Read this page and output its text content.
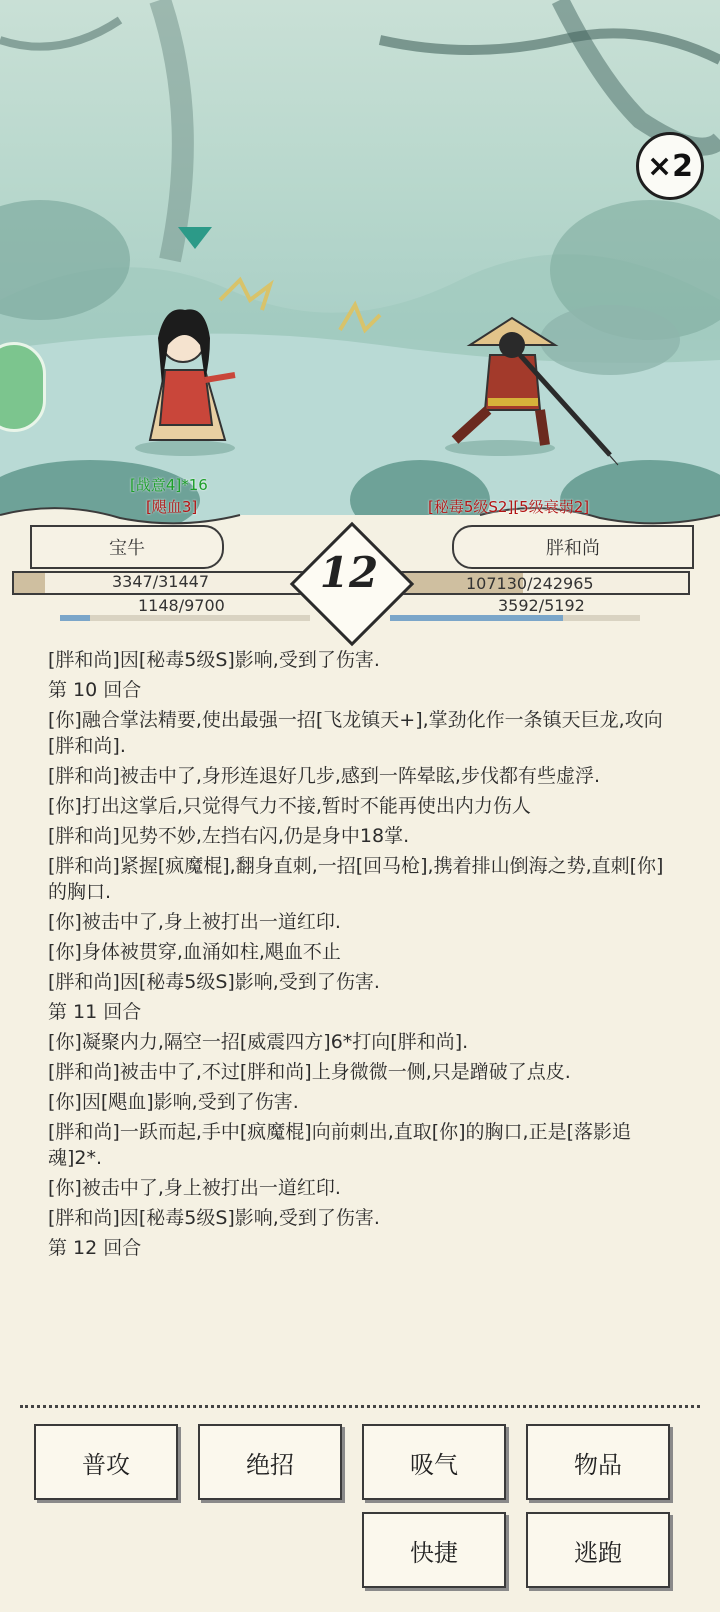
×2
[战意4]*16
[飓血3]	[秘毒5级S2][5级衰弱2]
宝牛	胖和尚
3347/31447	107130/242965
1148/9700	3592/5192
12
[胖和尚]因[秘毒5级S]影响,受到了伤害.
第 10 回合
[你]融合掌法精要,使出最强一招[飞龙镇天+],掌劲化作一条镇天巨龙,攻向[胖和尚].
[胖和尚]被击中了,身形连退好几步,感到一阵晕眩,步伐都有些虚浮.
[你]打出这掌后,只觉得气力不接,暂时不能再使出内力伤人
[胖和尚]见势不妙,左挡右闪,仍是身中18掌.
[胖和尚]紧握[疯魔棍],翻身直刺,一招[回马枪],携着排山倒海之势,直刺[你]的胸口.
[你]被击中了,身上被打出一道红印.
[你]身体被贯穿,血涌如柱,飓血不止
[胖和尚]因[秘毒5级S]影响,受到了伤害.
第 11 回合
[你]凝聚内力,隔空一招[威震四方]6*打向[胖和尚].
[胖和尚]被击中了,不过[胖和尚]上身微微一侧,只是蹭破了点皮.
[你]因[飓血]影响,受到了伤害.
[胖和尚]一跃而起,手中[疯魔棍]向前刺出,直取[你]的胸口,正是[落影追魂]2*.
[你]被击中了,身上被打出一道红印.
[胖和尚]因[秘毒5级S]影响,受到了伤害.
第 12 回合
普攻	绝招	吸气	物品
快捷	逃跑
